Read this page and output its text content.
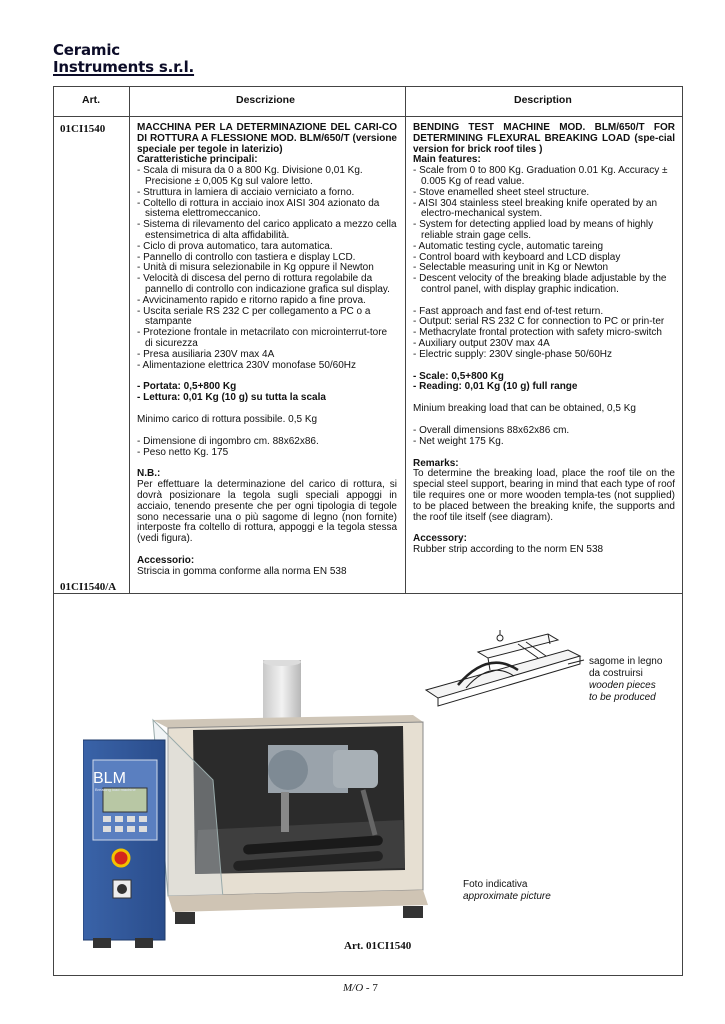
Ceramic
Instruments s.r.l.
Art.	Descrizione	Description
01CI1540
01CI1540/A

MACCHINA PER LA DETERMINAZIONE DEL CARI-CO DI ROTTURA A FLESSIONE MOD. BLM/650/T (versione speciale per tegole in laterizio)

Caratteristiche principali:

- Scala di misura da 0 a 800 Kg. Divisione 0,01 Kg. Precisione ± 0,005 Kg sul valore letto.

- Struttura in lamiera di acciaio verniciato a forno.

- Coltello di rottura in acciaio inox AISI 304 azionato da sistema elettromeccanico.

- Sistema di rilevamento del carico applicato a mezzo cella estensimetrica di alta affidabilità.

- Ciclo di prova automatico, tara automatica.

- Pannello di controllo con tastiera e display LCD.

- Unità di misura selezionabile in Kg oppure il Newton

- Velocità di discesa del perno di rottura regolabile da pannello di controllo con indicazione grafica sul display.

- Avvicinamento rapido e ritorno rapido a fine prova.

- Uscita seriale RS 232 C per collegamento a PC o a stampante

- Protezione frontale in metacrilato con microinterrut-tore di sicurezza

- Presa ausiliaria 230V max 4A

- Alimentazione elettrica 230V monofase 50/60Hz

- Portata: 0,5+800 Kg

- Lettura: 0,01 Kg (10 g) su tutta la scala

Minimo carico di rottura possibile. 0,5 Kg

- Dimensione di ingombro cm. 88x62x86.

- Peso netto Kg. 175

N.B.:

Per effettuare la determinazione del carico di rottura, si dovrà posizionare la tegola sugli speciali appoggi in acciaio, tenendo presente che per ogni tipologia di tegole sono necessarie una o più sagome di legno (non fornite) interposte fra coltello di rottura, appoggi e la tegola stessa (vedi figura).

Accessorio:

Striscia in gomma conforme alla norma EN 538

BENDING TEST MACHINE MOD. BLM/650/T FOR DETERMINING FLEXURAL BREAKING LOAD (spe-cial version for brick roof tiles )

Main features:

- Scale from 0 to 800 Kg. Graduation 0.01 Kg. Accuracy ± 0.005 Kg of read value.

- Stove enamelled sheet steel structure.

- AISI 304 stainless steel breaking knife operated by an electro-mechanical system.

- System for detecting applied load by means of highly reliable strain gage cells.

- Automatic testing cycle, automatic tareing

- Control board with keyboard and LCD display

- Selectable measuring unit in Kg or Newton

- Descent velocity of the breaking blade adjustable by the control panel, with display graphic indication.

- Fast approach and fast end of-test return.

- Output: serial RS 232 C for connection to PC or prin-ter

- Methacrylate frontal protection with safety micro-switch

- Auxiliary output 230V max 4A

- Electric supply: 230V single-phase 50/60Hz

- Scale: 0,5+800 Kg

- Reading: 0,01 Kg (10 g) full range

Minium breaking load that can be obtained, 0,5 Kg

- Overall dimensions 88x62x86 cm.

- Net weight 175 Kg.

Remarks:

To determine the breaking load, place the roof tile on the special steel support, bearing in mind that each type of roof tile requires one or more wooden templa-tes (not supplied) to be placed between the breaking knife, the supports and the roof tile itself (see diagram).

Accessory:

Rubber strip according to the norm EN 538

sagome in legno
da costruirsi
wooden pieces
to be produced
BLM
Breaking load machine
Foto indicativa
approximate picture
Art. 01CI1540
M/O - 7
